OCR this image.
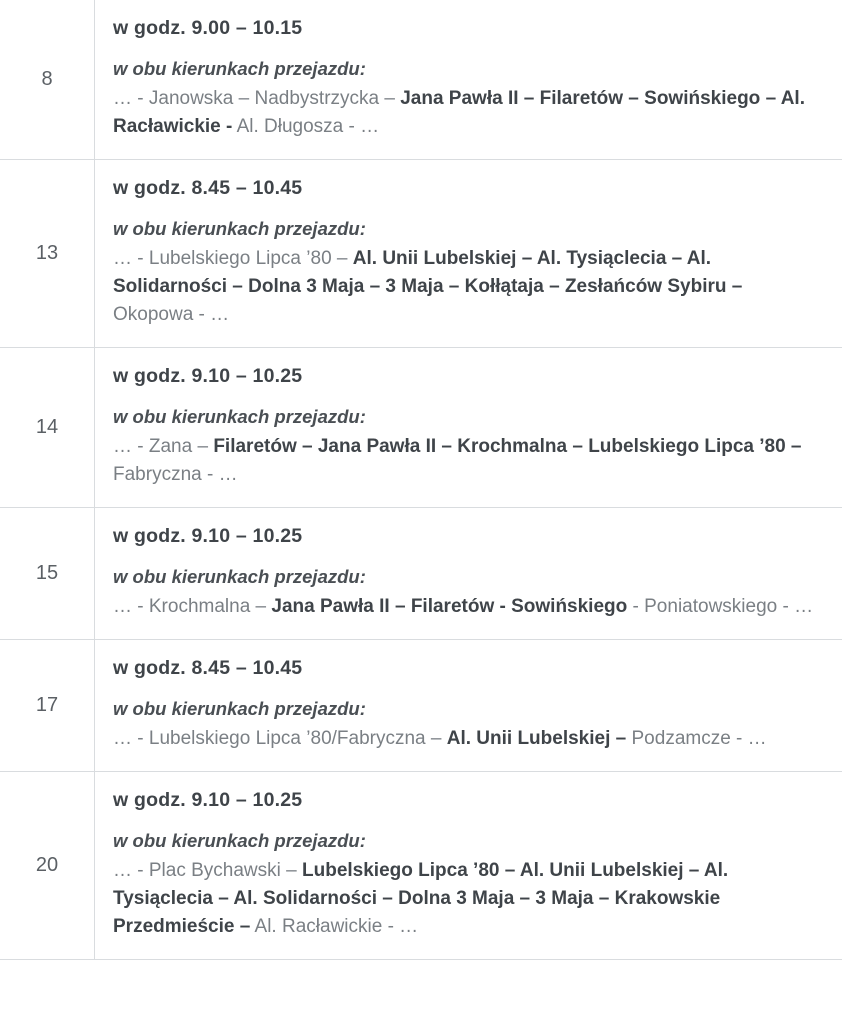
8	w godz. 9.00 – 10.15

w obu kierunkach przejazdu:

… - Janowska – Nadbystrzycka – Jana Pawła II – Filaretów – Sowińskiego – Al. Racławickie - Al. Długosza - …

13	w godz. 8.45 – 10.45

w obu kierunkach przejazdu:

… - Lubelskiego Lipca ’80 – Al. Unii Lubelskiej – Al. Tysiąclecia – Al. Solidarności – Dolna 3 Maja – 3 Maja – Kołłątaja – Zesłańców Sybiru – Okopowa - …

14	w godz. 9.10 – 10.25

w obu kierunkach przejazdu:

… - Zana – Filaretów – Jana Pawła II – Krochmalna – Lubelskiego Lipca ’80 – Fabryczna - …

15	w godz. 9.10 – 10.25

w obu kierunkach przejazdu:

… - Krochmalna – Jana Pawła II – Filaretów - Sowińskiego - Poniatowskiego - …

17	w godz. 8.45 – 10.45

w obu kierunkach przejazdu:

… - Lubelskiego Lipca ’80/Fabryczna – Al. Unii Lubelskiej – Podzamcze - …

20	w godz. 9.10 – 10.25

w obu kierunkach przejazdu:

… - Plac Bychawski – Lubelskiego Lipca ’80 – Al. Unii Lubelskiej – Al. Tysiąclecia – Al. Solidarności – Dolna 3 Maja – 3 Maja – Krakowskie Przedmieście – Al. Racławickie - …
